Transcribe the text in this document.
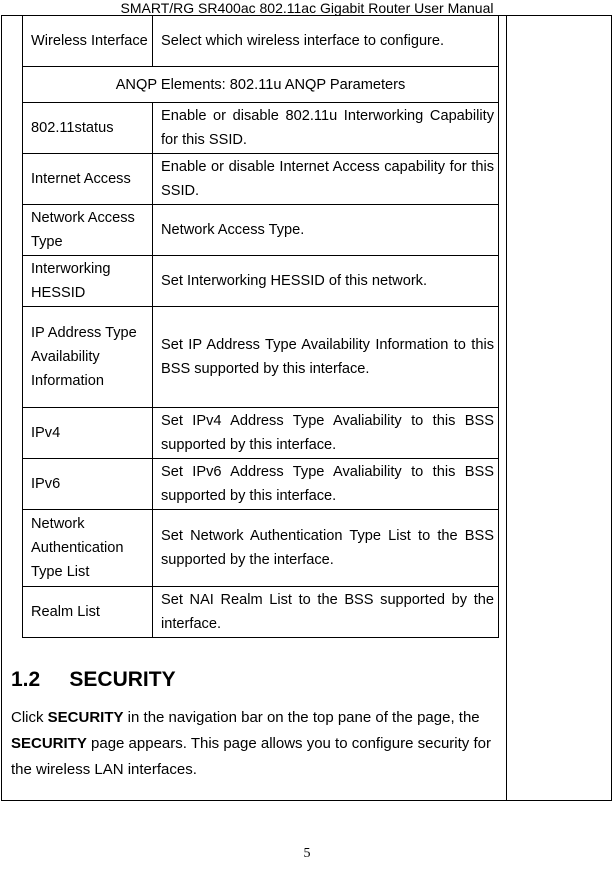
SMART/RG SR400ac 802.11ac Gigabit Router User Manual
Wireless Interface	Select which wireless interface to configure.
ANQP Elements: 802.11u ANQP Parameters	
802.11status	Enable or disable 802.11u Interworking Capability for this SSID.
Internet Access	Enable or disable Internet Access capability for this SSID.
Network Access Type	Network Access Type.
Interworking HESSID	Set Interworking HESSID of this network.
IP Address Type Availability Information	Set IP Address Type Availability Information to this BSS supported by this interface.
IPv4	Set IPv4 Address Type Avaliability to this BSS supported by this interface.
IPv6	Set IPv6 Address Type Avaliability to this BSS supported by this interface.
Network Authentication Type List	Set Network Authentication Type List to the BSS supported by the interface.
Realm List	Set NAI Realm List to the BSS supported by the interface.
1.2 SECURITY
Click SECURITY in the navigation bar on the top pane of the page, the SECURITY page appears. This page allows you to configure security for the wireless LAN interfaces.
5
